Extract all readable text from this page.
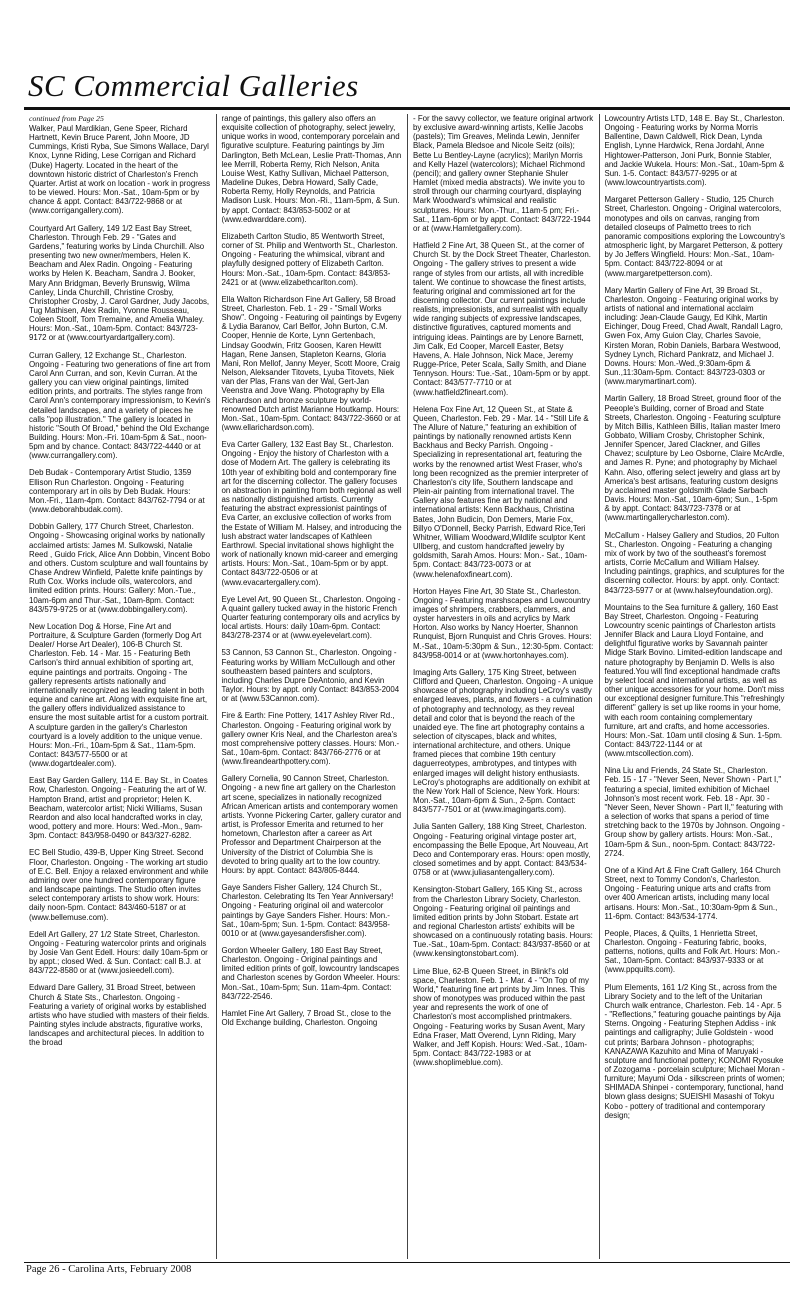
SC Commercial Galleries
continued from Page 25

Walker, Paul Mardikian, Gene Speer, Richard Hartnett, Kevin Bruce Parent, John Moore, JD Cummings, Kristi Ryba, Sue Simons Wallace, Daryl Knox, Lynne Riding, Lese Corrigan and Richard (Duke) Hagerty. Located in the heart of the downtown historic district of Charleston's French Quarter. Artist at work on location - work in progress to be viewed. Hours: Mon.-Sat., 10am-5pm or by chance & appt. Contact: 843/722-9868 or at (www.corrigangallery.com).

Courtyard Art Gallery, 149 1/2 East Bay Street, Charleston. Through Feb. 29 - "Gates and Gardens," featuring works by Linda Churchill. Also presenting two new owner/members, Helen K. Beacham and Alex Radin. Ongoing - Featuring works by Helen K. Beacham, Sandra J. Booker, Mary Ann Bridgman, Beverly Brunswig, Wilma Canley, Linda Churchill, Christine Crosby, Christopher Crosby, J. Carol Gardner, Judy Jacobs, Tug Mathisen, Alex Radin, Yvonne Rousseau, Coleen Stoolf, Tom Tremaine, and Amelia Whaley. Hours: Mon.-Sat., 10am-5pm. Contact: 843/723-9172 or at (www.courtyardartgallery.com).

Curran Gallery, 12 Exchange St., Charleston. Ongoing - Featuring two generations of fine art from Carol Ann Curran, and son, Kevin Curran. At the gallery you can view original paintings, limited edition prints, and portraits. The styles range from Carol Ann's contemporary impressionism, to Kevin's detailed landscapes, and a variety of pieces he calls "pop illustration." The gallery is located in historic "South Of Broad," behind the Old Exchange Building. Hours: Mon.-Fri. 10am-5pm & Sat., noon-5pm and by chance. Contact: 843/722-4440 or at (www.currangallery.com).

Deb Budak - Contemporary Artist Studio, 1359 Ellison Run Charleston. Ongoing - Featuring contemporary art in oils by Deb Budak. Hours: Mon.-Fri., 11am-4pm. Contact: 843/762-7794 or at (www.deborahbudak.com).

Dobbin Gallery, 177 Church Street, Charleston. Ongoing - Showcasing original works by nationally acclaimed artists: James M. Sulkowski, Natalie Reed , Guido Frick, Alice Ann Dobbin, Vincent Bobo and others. Custom sculpture and wall fountains by Chase Andrew Winfield, Palette knife paintings by Ruth Cox. Works include oils, watercolors, and limited edition prints. Hours: Gallery: Mon.-Tue., 10am-6pm and Thur.-Sat., 10am-8pm. Contact: 843/579-9725 or at (www.dobbingallery.com).

New Location Dog & Horse, Fine Art and Portraiture, & Sculpture Garden (formerly Dog Art Dealer/ Horse Art Dealer), 106-B Church St. Charleston. Feb. 14 - Mar. 15 - Featuring Beth Carlson's third annual exhibition of sporting art, equine paintings and portraits. Ongoing - The gallery represents artists nationally and internationally recognized as leading talent in both equine and canine art. Along with exquisite fine art, the gallery offers individualized assistance to ensure the most suitable artist for a custom portrait. A sculpture garden in the gallery's Charleston courtyard is a lovely addition to the unique venue. Hours: Mon.-Fri., 10am-5pm & Sat., 11am-5pm. Contact: 843/577-5500 or at (www.dogartdealer.com).

East Bay Garden Gallery, 114 E. Bay St., in Coates Row, Charleston. Ongoing - Featuring the art of W. Hampton Brand, artist and proprietor; Helen K. Beacham, watercolor artist; Nicki Williams, Susan Reardon and also local handcrafted works in clay, wood, pottery and more. Hours: Wed.-Mon., 9am-3pm. Contact: 843/958-0490 or 843/327-6282.

EC Bell Studio, 439-B, Upper King Street. Second Floor, Charleston. Ongoing - The working art studio of E.C. Bell. Enjoy a relaxed environment and while admiring over one hundred contemporary figure and landscape paintings. The Studio often invites select contemporary artists to show work. Hours: daily noon-5pm. Contact: 843/460-5187 or at (www.bellemuse.com).

Edell Art Gallery, 27 1/2 State Street, Charleston. Ongoing - Featuring watercolor prints and originals by Josie Van Gent Edell. Hours: daily 10am-5pm or by appt.; closed Wed. & Sun. Contact: call B.J. at 843/722-8580 or at (www.josieedell.com).

Edward Dare Gallery, 31 Broad Street, between Church & State Sts., Charleston. Ongoing - Featuring a variety of original works by established artists who have studied with masters of their fields. Painting styles include abstracts, figurative works, landscapes and architectural pieces. In addition to the broad

range of paintings, this gallery also offers an exquisite collection of photography, select jewelry, unique works in wood, contemporary porcelain and figurative sculpture. Featuring paintings by Jim Darlington, Beth McLean, Leslie Pratt-Thomas, Ann lee Merrill, Roberta Remy, Rich Nelson, Anita Louise West, Kathy Sullivan, Michael Patterson, Madeline Dukes, Debra Howard, Sally Cade, Roberta Remy, Holly Reynolds, and Patricia Madison Lusk. Hours: Mon.-Ri., 11am-5pm, & Sun. by appt. Contact: 843/853-5002 or at (www.edwarddare.com).

Elizabeth Carlton Studio, 85 Wentworth Street, corner of St. Philip and Wentworth St., Charleston. Ongoing - Featuring the whimsical, vibrant and playfully designed pottery of Elizabeth Carlton. Hours: Mon.-Sat., 10am-5pm. Contact: 843/853-2421 or at (www.elizabethcarlton.com).

Ella Walton Richardson Fine Art Gallery, 58 Broad Street, Charleston. Feb. 1 - 29 - "Small Works Show". Ongoing - Featuring oil paintings by Evgeny & Lydia Baranov, Carl Belfor, John Burton, C.M. Cooper, Hennie de Korte, Lynn Gertenbach, Lindsay Goodwin, Fritz Goosen, Karen Hewitt Hagan, Rene Jansen, Stapleton Kearns, Gloria Mani, Ron Mellof, Janny Meyer, Scott Moore, Craig Nelson, Aleksander Titovets, Lyuba Titovets, Niek van der Plas, Frans van der Wal, Gert-Jan Veenstra and Jove Wang. Photography by Ella Richardson and bronze sculpture by world-renowned Dutch artist Marianne Houtkamp. Hours: Mon.-Sat., 10am-5pm. Contact: 843/722-3660 or at (www.ellarichardson.com).

Eva Carter Gallery, 132 East Bay St., Charleston. Ongoing - Enjoy the history of Charleston with a dose of Modern Art. The gallery is celebrating its 10th year of exhibiting bold and contemporary fine art for the discerning collector. The gallery focuses on abstraction in painting from both regional as well as nationally distinguished artists. Currently featuring the abstract expressionist paintings of Eva Carter, an exclusive collection of works from the Estate of William M. Halsey, and introducing the lush abstract water landscapes of Kathleen Earthrowl. Special invitational shows highlight the work of nationally known mid-career and emerging artists. Hours: Mon.-Sat., 10am-5pm or by appt. Contact 843/722-0506 or at (www.evacartergallery.com).

Eye Level Art, 90 Queen St., Charleston. Ongoing - A quaint gallery tucked away in the historic French Quarter featuring contemporary oils and acrylics by local artists. Hours: daily 10am-6pm. Contact: 843/278-2374 or at (www.eyelevelart.com).

53 Cannon, 53 Cannon St., Charleston. Ongoing - Featuring works by William McCullough and other southeastern based painters and sculptors, including Charles Dupre DeAntonio, and Kevin Taylor. Hours: by appt. only Contact: 843/853-2004 or at (www.53Cannon.com).

Fire & Earth: Fine Pottery, 1417 Ashley River Rd., Charleston. Ongoing - Featuring original work by gallery owner Kris Neal, and the Charleston area's most comprehensive pottery classes. Hours: Mon.-Sat., 10am-6pm. Contact: 843/766-2776 or at (www.fireandearthpottery.com).

Gallery Cornelia, 90 Cannon Street, Charleston. Ongoing - a new fine art gallery on the Charleston art scene, specializes in nationally recognized African American artists and contemporary women artists. Yvonne Pickering Carter, gallery curator and artist, is Professor Emerita and returned to her hometown, Charleston after a career as Art Professor and Department Chairperson at the University of the District of Columbia She is devoted to bring quality art to the low country. Hours: by appt. Contact: 843/805-8444.

Gaye Sanders Fisher Gallery, 124 Church St., Charleston. Celebrating Its Ten Year Anniversary! Ongoing - Featuring original oil and watercolor paintings by Gaye Sanders Fisher. Hours: Mon.-Sat., 10am-5pm; Sun. 1-5pm. Contact: 843/958-0010 or at (www.gayesandersfisher.com).

Gordon Wheeler Gallery, 180 East Bay Street, Charleston. Ongoing - Original paintings and limited edition prints of golf, lowcountry landscapes and Charleston scenes by Gordon Wheeler. Hours: Mon.-Sat., 10am-5pm; Sun. 11am-4pm. Contact: 843/722-2546.

Hamlet Fine Art Gallery, 7 Broad St., close to the Old Exchange building, Charleston. Ongoing

- For the savvy collector, we feature original artwork by exclusive award-winning artists, Kellie Jacobs (pastels); Tim Greaves, Melinda Lewin, Jennifer Black, Pamela Bledsoe and Nicole Seitz (oils); Bette Lu Bentley-Layne (acrylics); Marilyn Morris and Kelly Hazel (watercolors); Michael Richmond (pencil); and gallery owner Stephanie Shuler Hamlet (mixed media abstracts). We invite you to stroll through our charming courtyard, displaying Mark Woodward's whimsical and realistic sculptures. Hours: Mon.-Thur., 11am-5 pm; Fri.-Sat., 11am-6pm or by appt. Contact: 843/722-1944 or at (www.Hamletgallery.com).

Hatfield 2 Fine Art, 38 Queen St., at the corner of Church St. by the Dock Street Theater, Charleston. Ongoing - The gallery strives to present a wide range of styles from our artists, all with incredible talent. We continue to showcase the finest artists, featuring original and commissioned art for the discerning collector. Our current paintings include realists, impressionists, and surrealist with equally wide ranging subjects of expressive landscapes, distinctive figuratives, captured moments and intriguing ideas. Paintings are by Lenore Barnett, Jim Calk, Ed Cooper, Marcell Easter, Betsy Havens, A. Hale Johnson, Nick Mace, Jeremy Rugge-Price, Peter Scala, Sally Smith, and Diane Tennyson. Hours: Tue.-Sat., 10am-5pm or by appt. Contact: 843/577-7710 or at (www.hatfield2fineart.com).

Helena Fox Fine Art, 12 Queen St., at State & Queen, Charleston. Feb. 29 - Mar. 14 - "Still Life & The Allure of Nature," featuring an exhibition of paintings by nationally renowned artists Kenn Backhaus and Becky Parrish. Ongoing - Specializing in representational art, featuring the works by the renowned artist West Fraser, who's long been recognized as the premier interpreter of Charleston's city life, Southern landscape and Plein-air painting from international travel. The Gallery also features fine art by national and international artists: Kenn Backhaus, Christina Bates, John Budicin, Don Demers, Marie Fox, Billyo O'Donnell, Becky Parrish, Edward Rice,Teri Whitner, William Woodward,Wildlife sculptor Kent Ullberg, and custom handcrafted jewelry by goldsmith, Sarah Amos. Hours: Mon.- Sat., 10am-5pm. Contact: 843/723-0073 or at (www.helenafoxfineart.com).

Horton Hayes Fine Art, 30 State St., Charleston. Ongoing - Featuring marshscapes and Lowcountry images of shrimpers, crabbers, clammers, and oyster harvesters in oils and acrylics by Mark Horton. Also works by Nancy Hoerter, Shannon Runquist, Bjorn Runquist and Chris Groves. Hours: M.-Sat., 10am-5:30pm & Sun., 12:30-5pm. Contact: 843/958-0014 or at (www.hortonhayes.com).

Imaging Arts Gallery, 175 King Street, between Clifford and Queen, Charleston. Ongoing - A unique showcase of photography including LeCroy's vastly enlarged leaves, plants, and flowers - a culmination of photography and technology, as they reveal detail and color that is beyond the reach of the unaided eye. The fine art photography contains a selection of cityscapes, black and whites, international architecture, and others. Unique framed pieces that combine 19th century daguerreotypes, ambrotypes, and tintypes with enlarged images will delight history enthusiasts. LeCroy's photographs are additionally on exhibit at the New York Hall of Science, New York. Hours: Mon.-Sat., 10am-6pm & Sun., 2-5pm. Contact: 843/577-7501 or at (www.imagingarts.com).

Julia Santen Gallery, 188 King Street, Charleston. Ongoing - Featuring original vintage poster art, encompassing the Belle Epoque, Art Nouveau, Art Deco and Contemporary eras. Hours: open mostly, closed sometimes and by appt. Contact: 843/534-0758 or at (www.juliasantengallery.com).

Kensington-Stobart Gallery, 165 King St., across from the Charleston Library Society, Charleston. Ongoing - Featuring original oil paintings and limited edition prints by John Stobart. Estate art and regional Charleston artists' exhibits will be showcased on a continuously rotating basis. Hours: Tue.-Sat., 10am-5pm. Contact: 843/937-8560 or at (www.kensingtonstobart.com).

Lime Blue, 62-B Queen Street, in Blink!'s old space, Charleston. Feb. 1 - Mar. 4 - "On Top of my World," featuring fine art prints by Jim Innes. This show of monotypes was produced within the past year and represents the work of one of Charleston's most accomplished printmakers. Ongoing - Featuring works by Susan Avent, Mary Edna Fraser, Matt Overend, Lynn Riding, Mary Walker, and Jeff Kopish. Hours: Wed.-Sat., 10am-5pm. Contact: 843/722-1983 or at (www.shoplimeblue.com).

Lowcountry Artists LTD, 148 E. Bay St., Charleston. Ongoing - Featuring works by Norma Morris Ballentine, Dawn Caldwell, Rick Dean, Lynda English, Lynne Hardwick, Rena Jordahl, Anne Hightower-Patterson, Joni Purk, Bonnie Stabler, and Jackie Wukela. Hours: Mon.-Sat., 10am-5pm & Sun. 1-5. Contact: 843/577-9295 or at (www.lowcountryartists.com).

Margaret Petterson Gallery - Studio, 125 Church Street, Charleston. Ongoing - Original watercolors, monotypes and oils on canvas, ranging from detailed closeups of Palmetto trees to rich panoramic compositions exploring the Lowcountry's atmospheric light, by Margaret Petterson, & pottery by Jo Jeffers Wingfield. Hours: Mon.-Sat., 10am-5pm. Contact: 843/722-8094 or at (www.margaretpetterson.com).

Mary Martin Gallery of Fine Art, 39 Broad St., Charleston. Ongoing - Featuring original works by artists of national and international acclaim including: Jean-Claude Gaugy, Ed Kihk, Martin Eichinger, Doug Freed, Chad Awalt, Randall Lagro, Gwen Fox, Amy Guion Clay, Charles Savoie, Kirsten Moran, Robin Daniels, Barbara Westwood, Sydney Lynch, Richard Pankratz, and Michael J. Downs. Hours: Mon.-Wed.,9:30am-6pm & Sun.,11:30am-5pm. Contact: 843/723-0303 or (www.marymartinart.com).

Martin Gallery, 18 Broad Street, ground floor of the Peeople's Building, corner of Broad and State Streets, Charleston. Ongoing - Featuring sculpture by Mitch Billis, Kathleen Billis, Italian master Imero Gobbato, William Crosby, Christopher Schink, Jennifer Spencer, Jared Clackner, and Gilles Chavez; sculpture by Leo Osborne, Claire McArdle, and James R. Pyne; and photography by Michael Kahn. Also, offering select jewelry and glass art by America's best artisans, featuring custom designs by acclaimed master goldsmith Glade Sarbach Davis. Hours: Mon.-Sat., 10am-6pm; Sun., 1-5pm & by appt. Contact: 843/723-7378 or at (www.martingallerycharleston.com).

McCallum - Halsey Gallery and Studios, 20 Fulton St., Charleston. Ongoing - Featuring a changing mix of work by two of the southeast's foremost artists, Corrie McCallum and William Halsey. Including paintings, graphics, and sculptures for the discerning collector. Hours: by appt. only. Contact: 843/723-5977 or at (www.halseyfoundation.org).

Mountains to the Sea furniture & gallery, 160 East Bay Street, Charleston. Ongoing - Featuring Lowcountry scenic paintings of Charleston artists Jennifer Black and Laura Lloyd Fontaine, and delightful figurative works by Savannah painter Midge Stark Bovino. Limited-edition landscape and nature photography by Benjamin D. Wells is also featured.You will find exceptional handmade crafts by select local and international artists, as well as other unique accessories for your home. Don't miss our exceptional designer furniture.This "refreshingly different" gallery is set up like rooms in your home, with each room containing complementary furniture, art and crafts, and home accessories. Hours: Mon.-Sat. 10am until closing & Sun. 1-5pm. Contact: 843/722-1144 or at (www.mtscollection.com).

Nina Liu and Friends, 24 State St., Charleston. Feb. 15 - 17 - "Never Seen, Never Shown - Part I," featuring a special, limited exhibition of Michael Johnson's most recent work. Feb. 18 - Apr. 30 - "Never Seen, Never Shown - Part II," featuring with a selection of works that spans a period of time stretching back to the 1970s by Johnson. Ongoing - Group show by gallery artists. Hours: Mon.-Sat., 10am-5pm & Sun., noon-5pm. Contact: 843/722-2724.

One of a Kind Art & Fine Craft Gallery, 164 Church Street, next to Tommy Condon's, Charleston. Ongoing - Featuring unique arts and crafts from over 400 American artists, including many local artisans. Hours: Mon.-Sat., 10:30am-9pm & Sun., 11-6pm. Contact: 843/534-1774.

People, Places, & Quilts, 1 Henrietta Street, Charleston. Ongoing - Featuring fabric, books, patterns, notions, quilts and Folk Art. Hours: Mon.-Sat., 10am-5pm. Contact: 843/937-9333 or at (www.ppquilts.com).

Plum Elements, 161 1/2 King St., across from the Library Society and to the left of the Unitarian Church walk entrance, Charleston. Feb. 14 - Apr. 5 - "Reflections," featuring gouache paintings by Aija Sterns. Ongoing - Featuring Stephen Addiss - ink paintings and calligraphy; Julie Goldstein - wood cut prints; Barbara Johnson - photographs; KANAZAWA Kazuhito and Mina of Maruyaki - sculpture and functional pottery; KONOMI Ryosuke of Zozogama - porcelain sculpture; Michael Moran - furniture; Mayumi Oda - silkscreen prints of women; SHIMADA Shinpei - contemporary, functional, hand blown glass designs; SUEISHI Masashi of Tokyu Kobo - pottery of traditional and contemporary design;

Page 26 - Carolina Arts, February 2008
